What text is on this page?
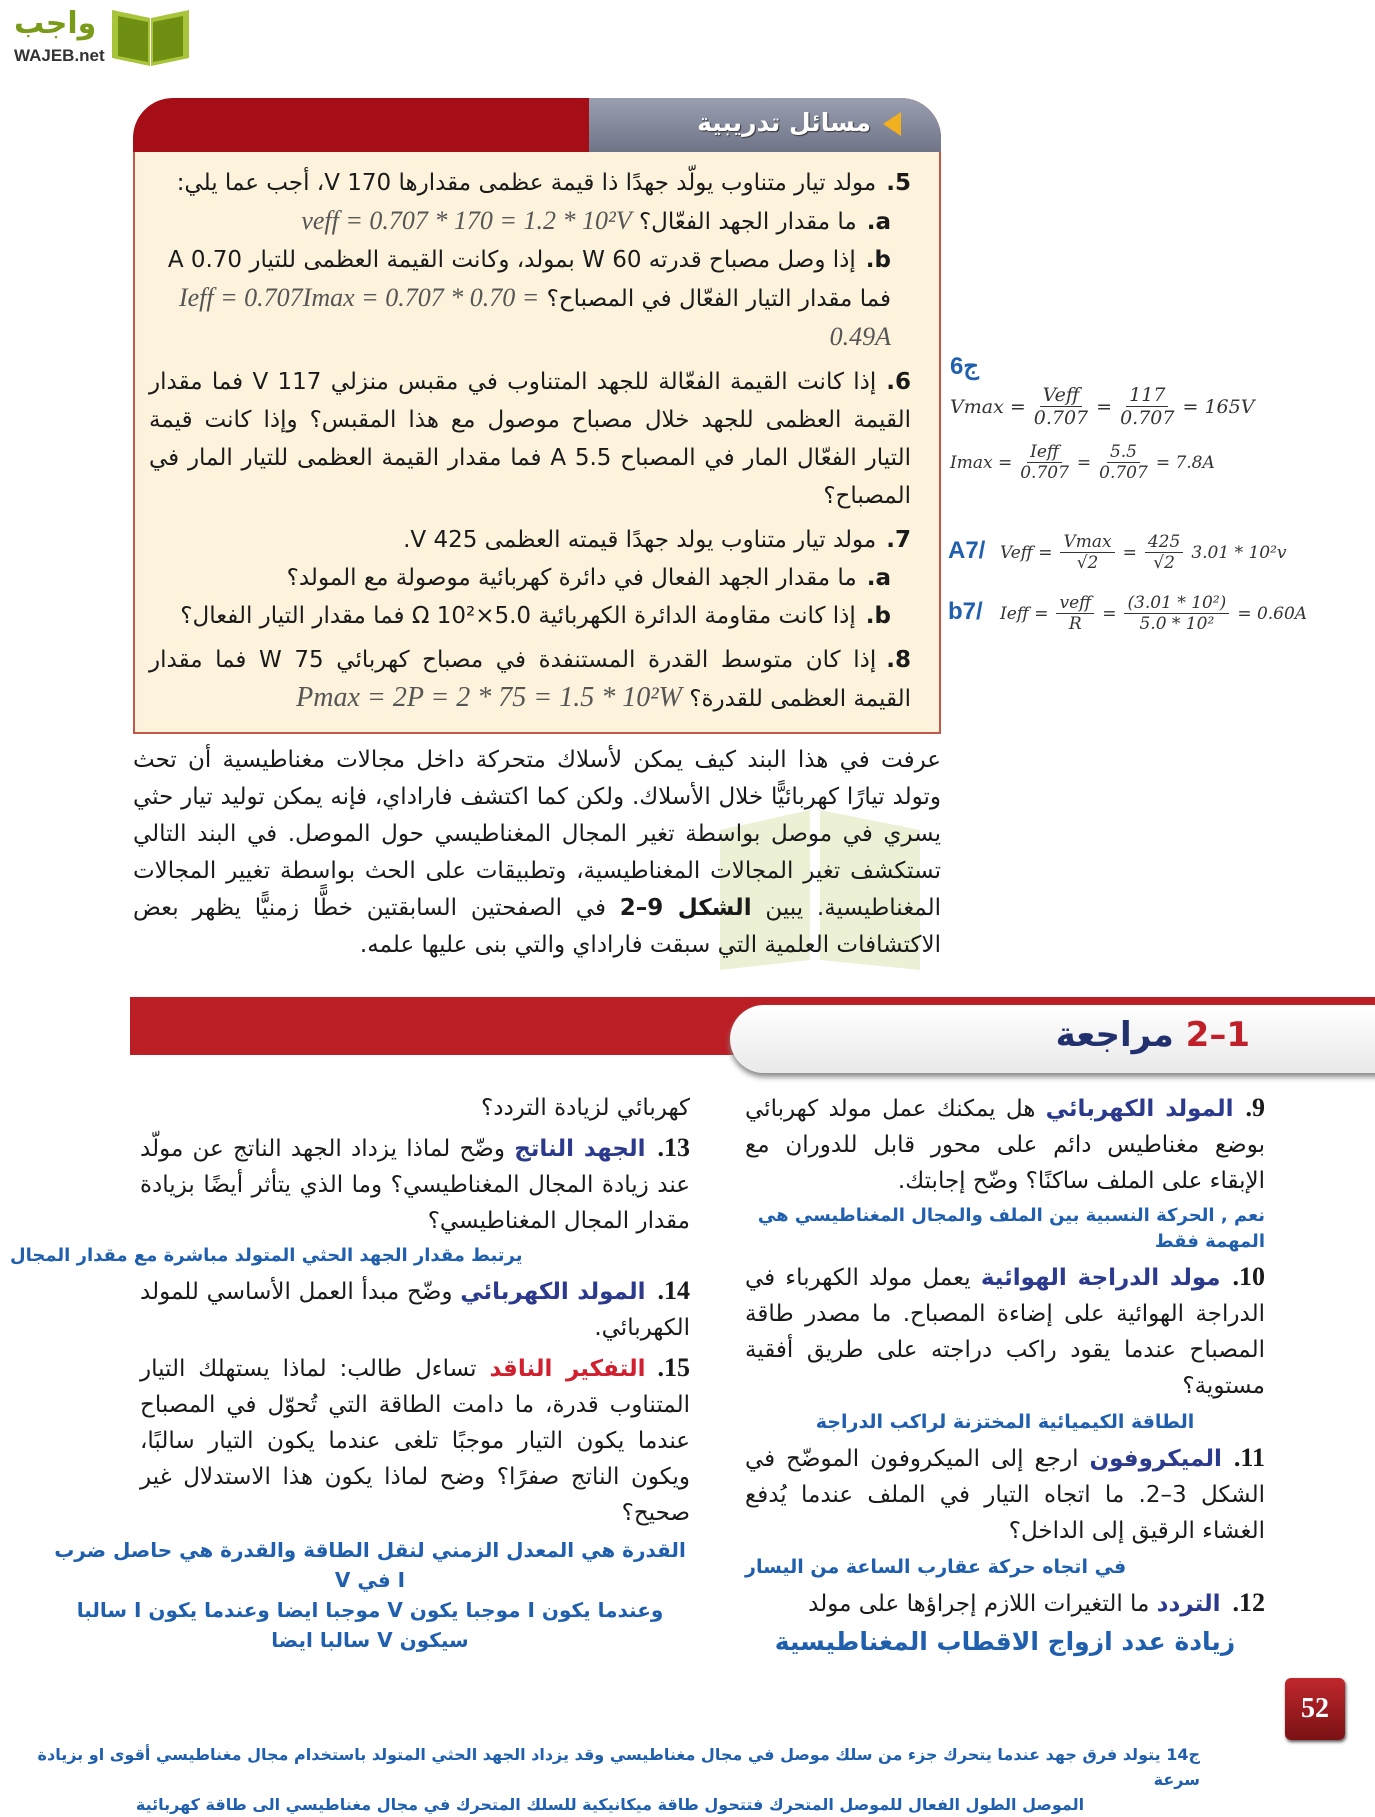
واجب
WAJEB.net
مسائل تدريبية
5.مولد تيار متناوب يولّد جهدًا ذا قيمة عظمى مقدارها 170 V، أجب عما يلي:
a.ما مقدار الجهد الفعّال؟ veff = 0.707 * 170 = 1.2 * 10²V
b.إذا وصل مصباح قدرته 60 W بمولد، وكانت القيمة العظمى للتيار 0.70 A
فما مقدار التيار الفعّال في المصباح؟ Ieff = 0.707Imax = 0.707 * 0.70 = 0.49A
6.إذا كانت القيمة الفعّالة للجهد المتناوب في مقبس منزلي 117 V فما مقدار القيمة العظمى للجهد خلال مصباح موصول مع هذا المقبس؟ وإذا كانت قيمة التيار الفعّال المار في المصباح 5.5 A فما مقدار القيمة العظمى للتيار المار في المصباح؟
7.مولد تيار متناوب يولد جهدًا قيمته العظمى 425 V.
a.ما مقدار الجهد الفعال في دائرة كهربائية موصولة مع المولد؟
b.إذا كانت مقاومة الدائرة الكهربائية 5.0×10² Ω فما مقدار التيار الفعال؟
8.إذا كان متوسط القدرة المستنفدة في مصباح كهربائي 75 W فما مقدار القيمة العظمى للقدرة؟ Pmax = 2P = 2 * 75 = 1.5 * 10²W
عرفت في هذا البند كيف يمكن لأسلاك متحركة داخل مجالات مغناطيسية أن تحث وتولد تيارًا كهربائيًّا خلال الأسلاك. ولكن كما اكتشف فاراداي، فإنه يمكن توليد تيار حثي يسري في موصل بواسطة تغير المجال المغناطيسي حول الموصل. في البند التالي تستكشف تغير المجالات المغناطيسية، وتطبيقات على الحث بواسطة تغيير المجالات المغناطيسية. يبين الشكل 9–2 في الصفحتين السابقتين خطًّا زمنيًّا يظهر بعض الاكتشافات العلمية التي سبقت فاراداي والتي بنى عليها علمه.
ج6
$Vmax = \frac{\text{Veff}}{0.707} = \frac{117}{0.707} = 165V$
$Imax = \frac{\text{Ieff}}{0.707} = \frac{5.5}{0.707} = 7.8A$
A7/ Veff = $\frac{Vmax}{√2} = \frac{425}{√2} 3.01 * 10^2v$
b7/ Ieff = $\frac{\text{veff}}{R} = \frac{\text{(3.01 * 10²)}}{\text{5.0 * 10²}} = 0.60A$
2–1 مراجعة
9.المولد الكهربائي هل يمكنك عمل مولد كهربائي بوضع مغناطيس دائم على محور قابل للدوران مع الإبقاء على الملف ساكنًا؟ وضّح إجابتك.
نعم , الحركة النسبية بين الملف والمجال المغناطيسي هي المهمة فقط
10.مولد الدراجة الهوائية يعمل مولد الكهرباء في الدراجة الهوائية على إضاءة المصباح. ما مصدر طاقة المصباح عندما يقود راكب دراجته على طريق أفقية مستوية؟
الطاقة الكيميائية المختزنة لراكب الدراجة
11.الميكروفون ارجع إلى الميكروفون الموضّح في الشكل 3–2. ما اتجاه التيار في الملف عندما يُدفع الغشاء الرقيق إلى الداخل؟
في اتجاه حركة عقارب الساعة من اليسار
12.التردد ما التغيرات اللازم إجراؤها على مولد
زيادة عدد ازواج الاقطاب المغناطيسية
كهربائي لزيادة التردد؟
13.الجهد الناتج وضّح لماذا يزداد الجهد الناتج عن مولّد عند زيادة المجال المغناطيسي؟ وما الذي يتأثر أيضًا بزيادة مقدار المجال المغناطيسي؟
يرتبط مقدار الجهد الحثي المتولد مباشرة مع مقدار المجال
14.المولد الكهربائي وضّح مبدأ العمل الأساسي للمولد الكهربائي.
15.التفكير الناقد تساءل طالب: لماذا يستهلك التيار المتناوب قدرة، ما دامت الطاقة التي تُحوّل في المصباح عندما يكون التيار موجبًا تلغى عندما يكون التيار سالبًا، ويكون الناتج صفرًا؟ وضح لماذا يكون هذا الاستدلال غير صحيح؟
القدرة هي المعدل الزمني لنقل الطاقة والقدرة هي حاصل ضرب I في V
وعندما يكون I موجبا يكون V موجبا ايضا وعندما يكون I سالبا
سيكون V سالبا ايضا
52
ج14 يتولد فرق جهد عندما يتحرك جزء من سلك موصل في مجال مغناطيسي وقد يزداد الجهد الحثي المتولد باستخدام مجال مغناطيسي أقوى او بزيادة سرعة
الموصل الطول الفعال للموصل المتحرك فتتحول طاقة ميكانيكية للسلك المتحرك في مجال مغناطيسي الى طاقة كهربائية
